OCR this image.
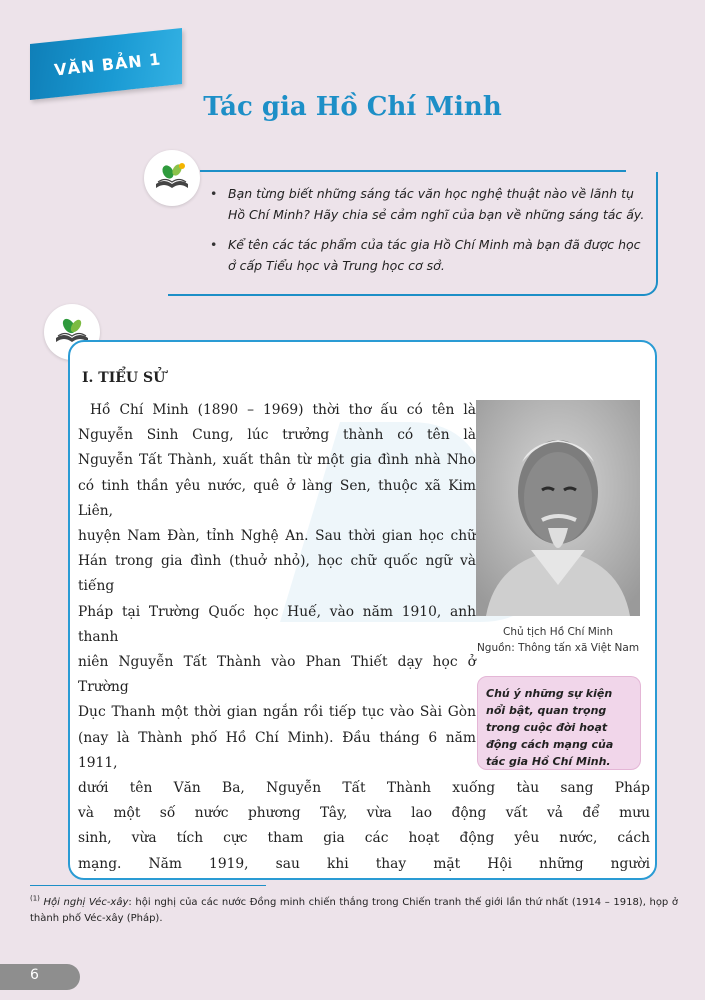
VĂN BẢN 1
Tác gia Hồ Chí Minh
• Bạn từng biết những sáng tác văn học nghệ thuật nào về lãnh tụ Hồ Chí Minh? Hãy chia sẻ cảm nghĩ của bạn về những sáng tác ấy.
• Kể tên các tác phẩm của tác gia Hồ Chí Minh mà bạn đã được học ở cấp Tiểu học và Trung học cơ sở.
I. TIỂU SỬ
Hồ Chí Minh (1890 – 1969) thời thơ ấu có tên là
Nguyễn Sinh Cung, lúc trưởng thành có tên là
Nguyễn Tất Thành, xuất thân từ một gia đình nhà Nho
có tinh thần yêu nước, quê ở làng Sen, thuộc xã Kim Liên,
huyện Nam Đàn, tỉnh Nghệ An. Sau thời gian học chữ
Hán trong gia đình (thuở nhỏ), học chữ quốc ngữ và tiếng
Pháp tại Trường Quốc học Huế, vào năm 1910, anh thanh
niên Nguyễn Tất Thành vào Phan Thiết dạy học ở Trường
Dục Thanh một thời gian ngắn rồi tiếp tục vào Sài Gòn
(nay là Thành phố Hồ Chí Minh). Đầu tháng 6 năm 1911,
dưới tên Văn Ba, Nguyễn Tất Thành xuống tàu sang Pháp
và một số nước phương Tây, vừa lao động vất vả để mưu
sinh, vừa tích cực tham gia các hoạt động yêu nước, cách
mạng. Năm 1919, sau khi thay mặt Hội những người
Chủ tịch Hồ Chí Minh
Nguồn: Thông tấn xã Việt Nam
Chú ý những sự kiện nổi bật, quan trọng trong cuộc đời hoạt động cách mạng của tác gia Hồ Chí Minh.
$^{(1)}$ Hội nghị Véc-xây: hội nghị của các nước Đồng minh chiến thắng trong Chiến tranh thế giới lần thứ nhất (1914 – 1918), họp ở thành phố Véc-xây (Pháp).
6
